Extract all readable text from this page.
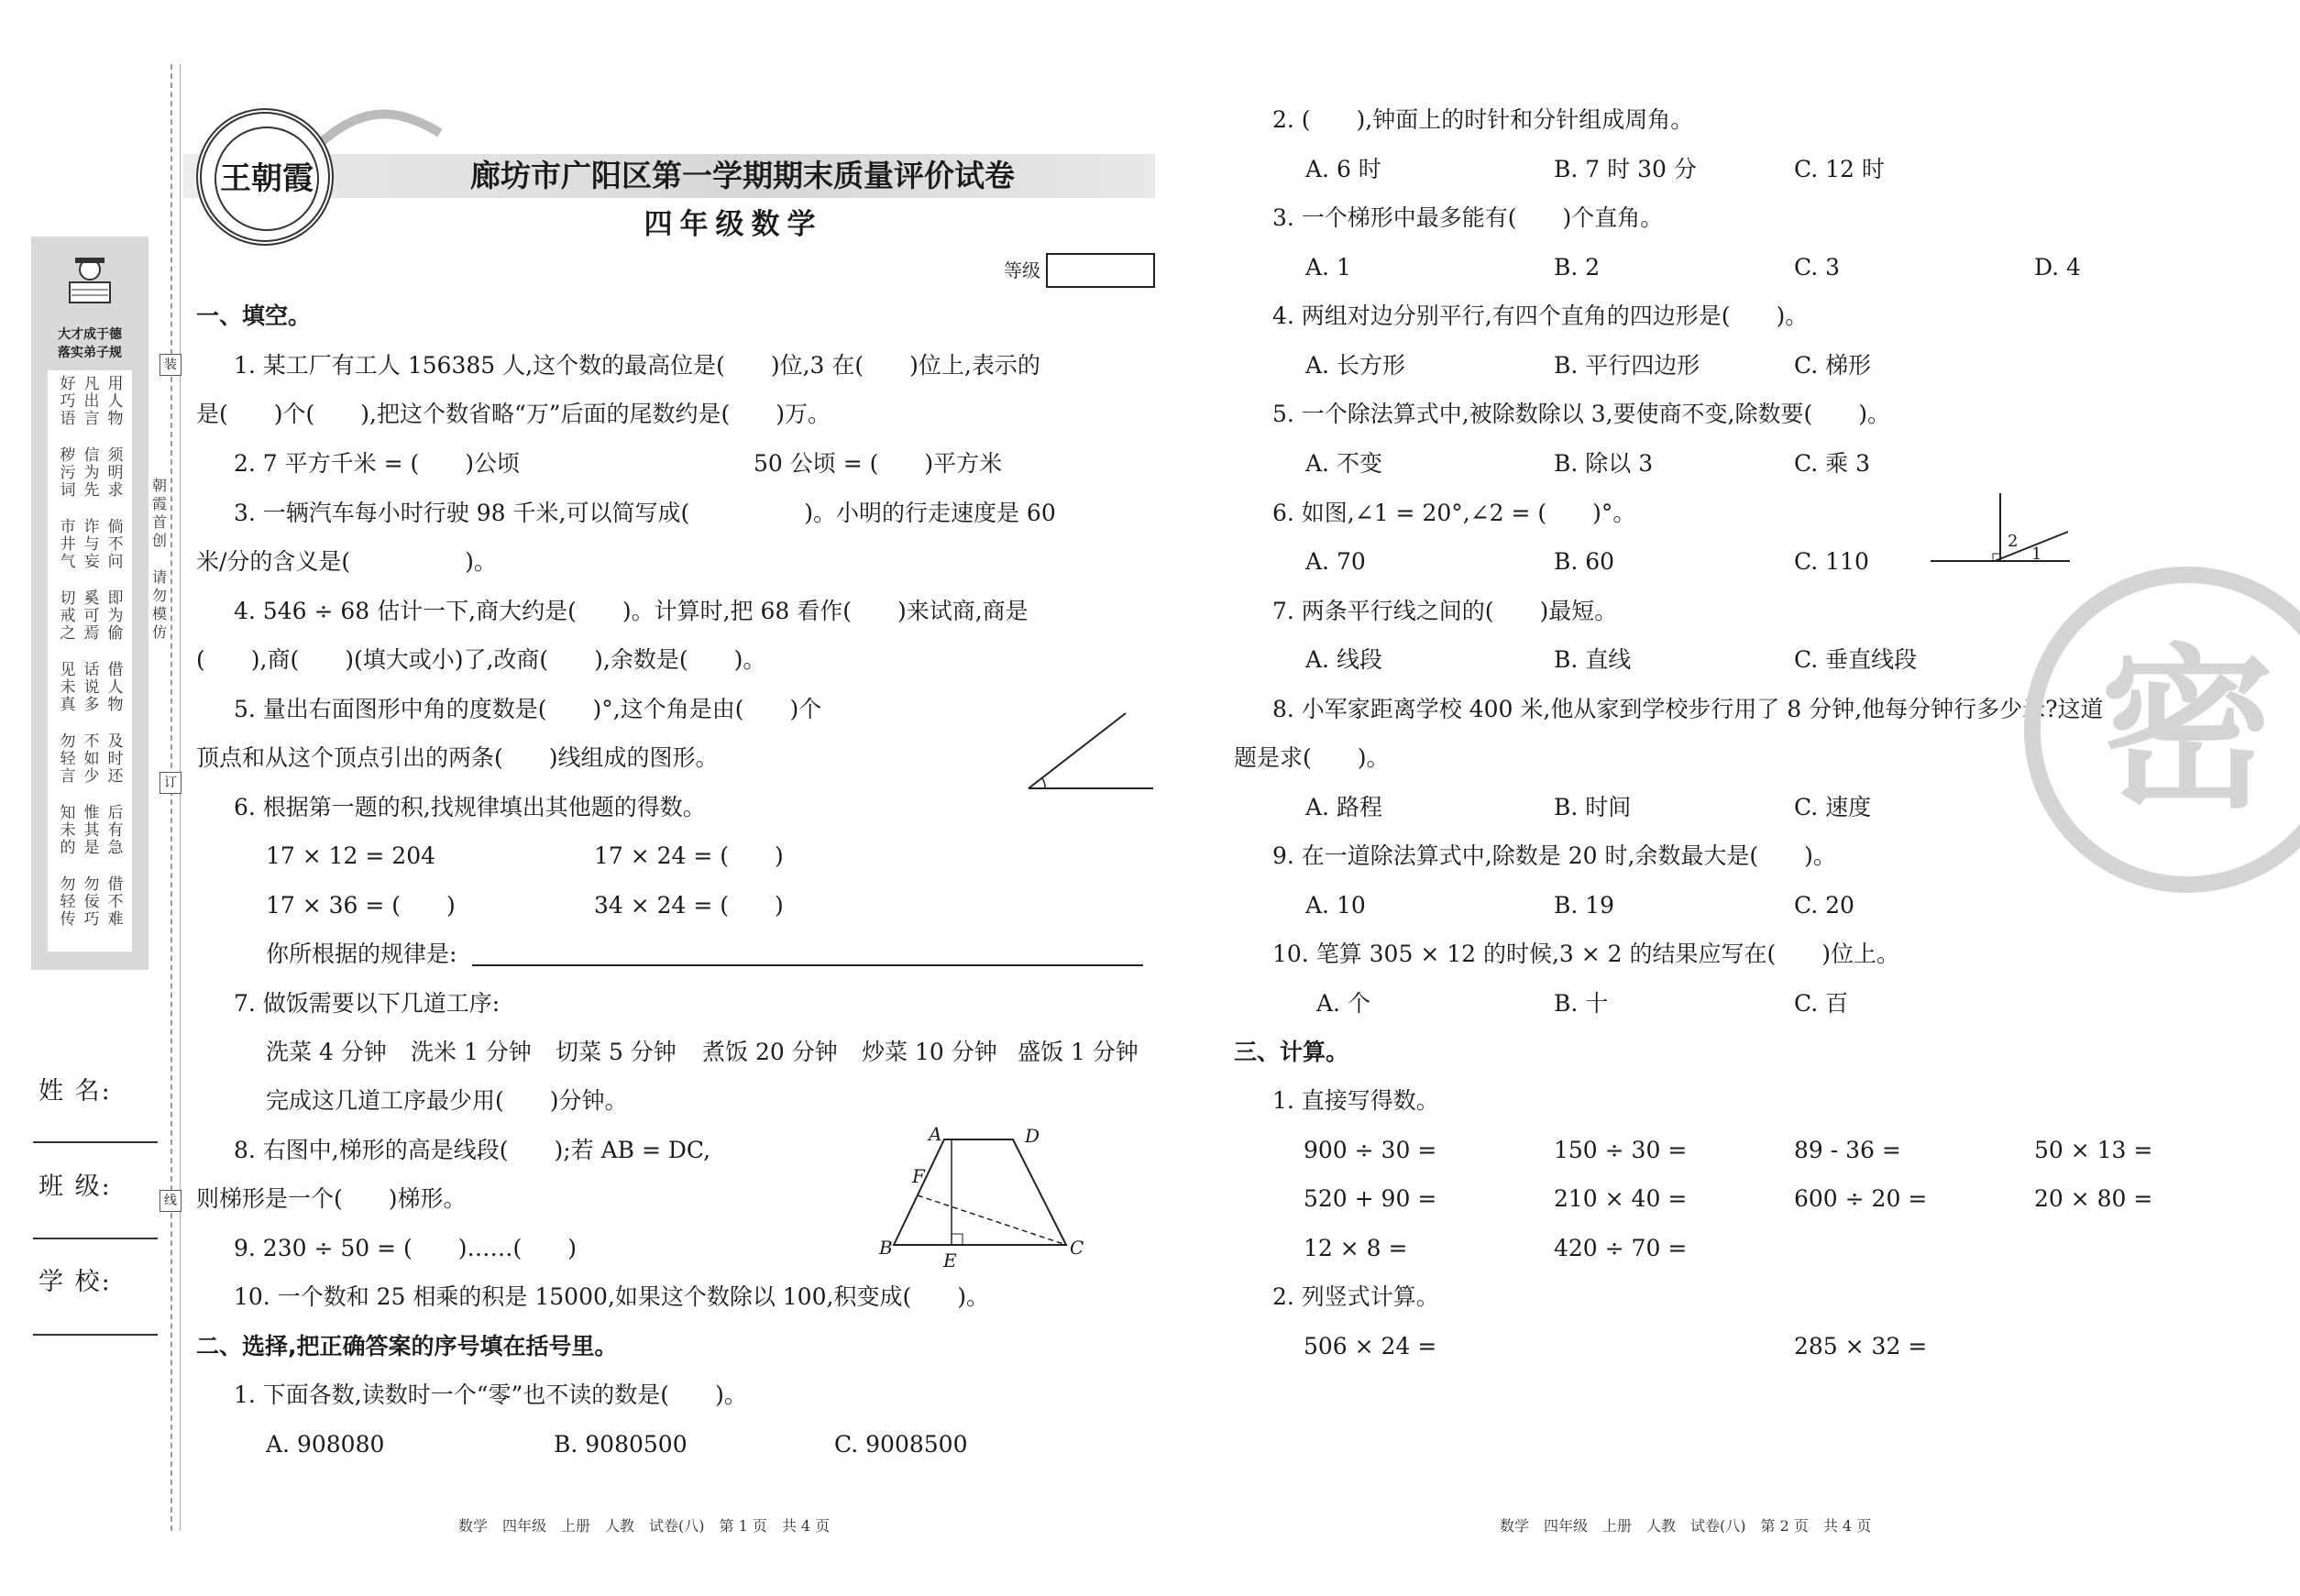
大才成于德
落实弟子规
好
巧
语
凡
出
言
用
人
物
秽
污
词
信
为
先
须
明
求
市
井
气
诈
与
妄
倘
不
问
切
戒
之
奚
可
焉
即
为
偷
见
未
真
话
说
多
借
人
物
勿
轻
言
不
如
少
及
时
还
知
未
的
惟
其
是
后
有
急
勿
轻
传
勿
佞
巧
借
不
难
装
订
线
朝
霞
首
创
请
勿
模
仿
姓 名:
班 级:
学 校:
王朝霞	廊坊市广阳区第一学期期末质量评价试卷
四年级数学
等级
一、填空。
1. 某工厂有工人 156385 人,这个数的最高位是(　　)位,3 在(　　)位上,表示的
是(　　)个(　　),把这个数省略“万”后面的尾数约是(　　)万。
2. 7 平方千米 = (　　)公顷	50 公顷 = (　　)平方米
3. 一辆汽车每小时行驶 98 千米,可以简写成(　　　　　)。小明的行走速度是 60
米/分的含义是(　　　　　)。
4. 546 ÷ 68 估计一下,商大约是(　　)。计算时,把 68 看作(　　)来试商,商是
(　　),商(　　)(填大或小)了,改商(　　),余数是(　　)。
5. 量出右面图形中角的度数是(　　)°,这个角是由(　　)个
顶点和从这个顶点引出的两条(　　)线组成的图形。
6. 根据第一题的积,找规律填出其他题的得数。
17 × 12 = 204	17 × 24 = (　　)
17 × 36 = (　　)	34 × 24 = (　　)
你所根据的规律是:
7. 做饭需要以下几道工序:
洗菜 4 分钟 洗米 1 分钟 切菜 5 分钟 煮饭 20 分钟 炒菜 10 分钟 盛饭 1 分钟
完成这几道工序最少用(　　)分钟。
8. 右图中,梯形的高是线段(　　);若 AB = DC,
则梯形是一个(　　)梯形。
A	D
F
B
E
C
9. 230 ÷ 50 = (　　)……(　　)
10. 一个数和 25 相乘的积是 15000,如果这个数除以 100,积变成(　　)。
二、选择,把正确答案的序号填在括号里。
1. 下面各数,读数时一个“零”也不读的数是(　　)。
A. 908080	B. 9080500	C. 9008500
数学　四年级　上册　人教　试卷(八)　第 1 页　共 4 页
2. (　　),钟面上的时针和分针组成周角。
A. 6 时	B. 7 时 30 分	C. 12 时
3. 一个梯形中最多能有(　　)个直角。
A. 1	B. 2	C. 3	D. 4
4. 两组对边分别平行,有四个直角的四边形是(　　)。
A. 长方形	B. 平行四边形	C. 梯形
5. 一个除法算式中,被除数除以 3,要使商不变,除数要(　　)。
A. 不变	B. 除以 3	C. 乘 3
6. 如图,∠1 = 20°,∠2 = (　　)°。
A. 70	B. 60	C. 110
2
1
7. 两条平行线之间的(　　)最短。
A. 线段	B. 直线	C. 垂直线段
8. 小军家距离学校 400 米,他从家到学校步行用了 8 分钟,他每分钟行多少米?这道
题是求(　　)。
A. 路程	B. 时间	C. 速度
9. 在一道除法算式中,除数是 20 时,余数最大是(　　)。
A. 10	B. 19	C. 20
10. 笔算 305 × 12 的时候,3 × 2 的结果应写在(　　)位上。
A. 个	B. 十	C. 百
三、计算。
1. 直接写得数。
900 ÷ 30 =	150 ÷ 30 =	89 - 36 =	50 × 13 =
520 + 90 =	210 × 40 =	600 ÷ 20 =	20 × 80 =
12 × 8 =	420 ÷ 70 =
2. 列竖式计算。
506 × 24 =	285 × 32 =
密
数学　四年级　上册　人教　试卷(八)　第 2 页　共 4 页
